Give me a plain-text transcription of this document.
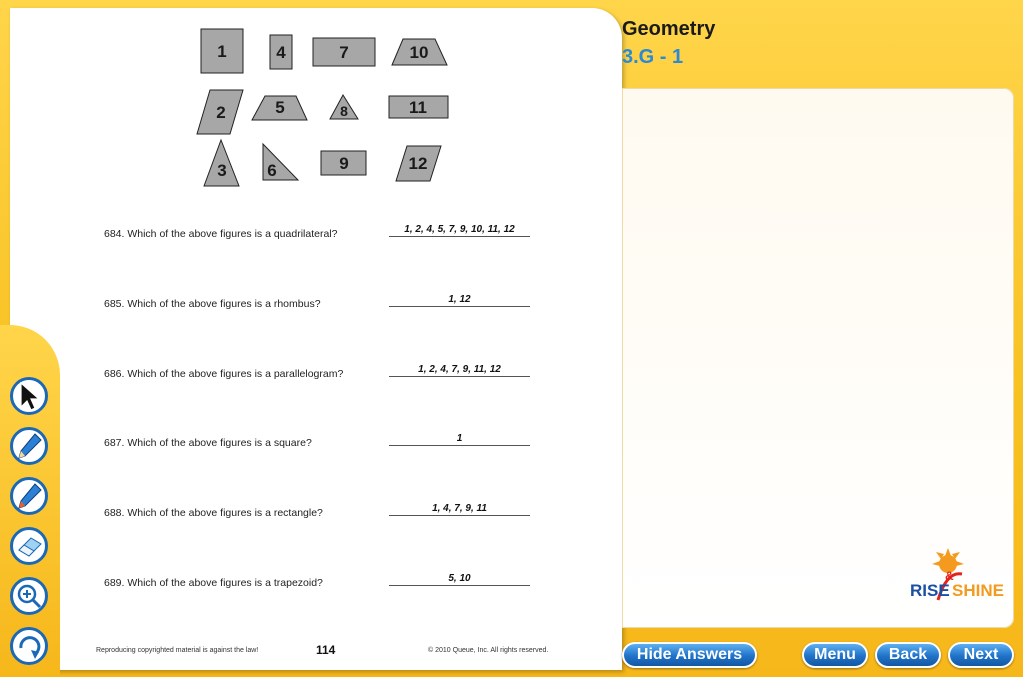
1	4	7	10
2	5	8	11
3 6	9	12
684. Which of the above figures is a quadrilateral?	1, 2, 4, 5, 7, 9, 10, 11, 12
685. Which of the above figures is a rhombus?	1, 12
686. Which of the above figures is a parallelogram?	1, 2, 4, 7, 9, 11, 12
687. Which of the above figures is a square?	1
688. Which of the above figures is a rectangle?	1, 4, 7, 9, 11
689. Which of the above figures is a trapezoid?	5, 10
Reproducing copyrighted material is against the law!	114	© 2010 Queue, Inc. All rights reserved.
Geometry
3.G - 1
RISE
&
SHINE
Hide Answers	Menu	Back	Next
